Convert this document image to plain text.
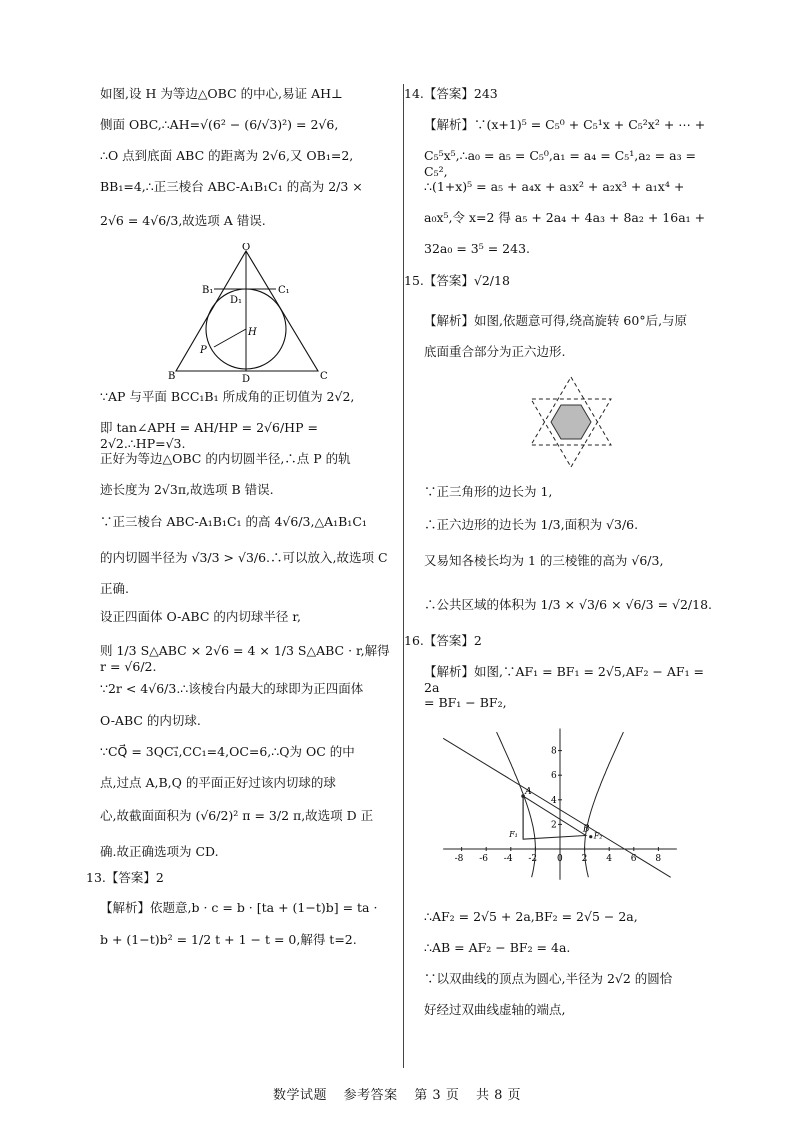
如图,设 H 为等边△OBC 的中心,易证 AH⊥

侧面 OBC,∴AH=√(6² − (6/√3)²) = 2√6,

∴O 点到底面 ABC 的距离为 2√6,又 OB₁=2,

BB₁=4,∴正三棱台 ABC-A₁B₁C₁ 的高为 2/3 ×

2√6 = 4√6/3,故选项 A 错误.

O
B₁	C₁
D₁
H
P
B	D	C

∵AP 与平面 BCC₁B₁ 所成角的正切值为 2√2,

即 tan∠APH = AH/HP = 2√6/HP = 2√2.∴HP=√3.

正好为等边△OBC 的内切圆半径,∴点 P 的轨

迹长度为 2√3π,故选项 B 错误.

∵正三棱台 ABC-A₁B₁C₁ 的高 4√6/3,△A₁B₁C₁

的内切圆半径为 √3/3 > √3/6.∴可以放入,故选项 C

正确.

设正四面体 O-ABC 的内切球半径 r,

则 1/3 S△ABC × 2√6 = 4 × 1/3 S△ABC · r,解得 r = √6/2.

∵2r < 4√6/3.∴该棱台内最大的球即为正四面体

O-ABC 的内切球.

∵CQ⃗ = 3QC₁⃗,CC₁=4,OC=6,∴Q为 OC 的中

点,过点 A,B,Q 的平面正好过该内切球的球

心,故截面面积为 (√6/2)² π = 3/2 π,故选项 D 正

确.故正确选项为 CD.

13.【答案】2

【解析】依题意,b · c = b · [ta + (1−t)b] = ta ·

b + (1−t)b² = 1/2 t + 1 − t = 0,解得 t=2.

14.【答案】243

【解析】∵(x+1)⁵ = C₅⁰ + C₅¹x + C₅²x² + ⋯ +

C₅⁵x⁵,∴a₀ = a₅ = C₅⁰,a₁ = a₄ = C₅¹,a₂ = a₃ = C₅²,

∴(1+x)⁵ = a₅ + a₄x + a₃x² + a₂x³ + a₁x⁴ +

a₀x⁵,令 x=2 得 a₅ + 2a₄ + 4a₃ + 8a₂ + 16a₁ +

32a₀ = 3⁵ = 243.

15.【答案】√2/18

【解析】如图,依题意可得,绕高旋转 60°后,与原

底面重合部分为正六边形.

∵正三角形的边长为 1,

∴正六边形的边长为 1/3,面积为 √3/6.

又易知各棱长均为 1 的三棱锥的高为 √6/3,

∴公共区域的体积为 1/3 × √3/6 × √6/3 = √2/18.

16.【答案】2

【解析】如图,∵AF₁ = BF₁ = 2√5,AF₂ − AF₁ = 2a

= BF₁ − BF₂,

-8 -6 -4 -2 0 2 4 6 8
8
6
4
2
A
B
F₁	F₂

∴AF₂ = 2√5 + 2a,BF₂ = 2√5 − 2a,

∴AB = AF₂ − BF₂ = 4a.

∵以双曲线的顶点为圆心,半径为 2√2 的圆恰

好经过双曲线虚轴的端点,

数学试题 参考答案 第 3 页 共 8 页
